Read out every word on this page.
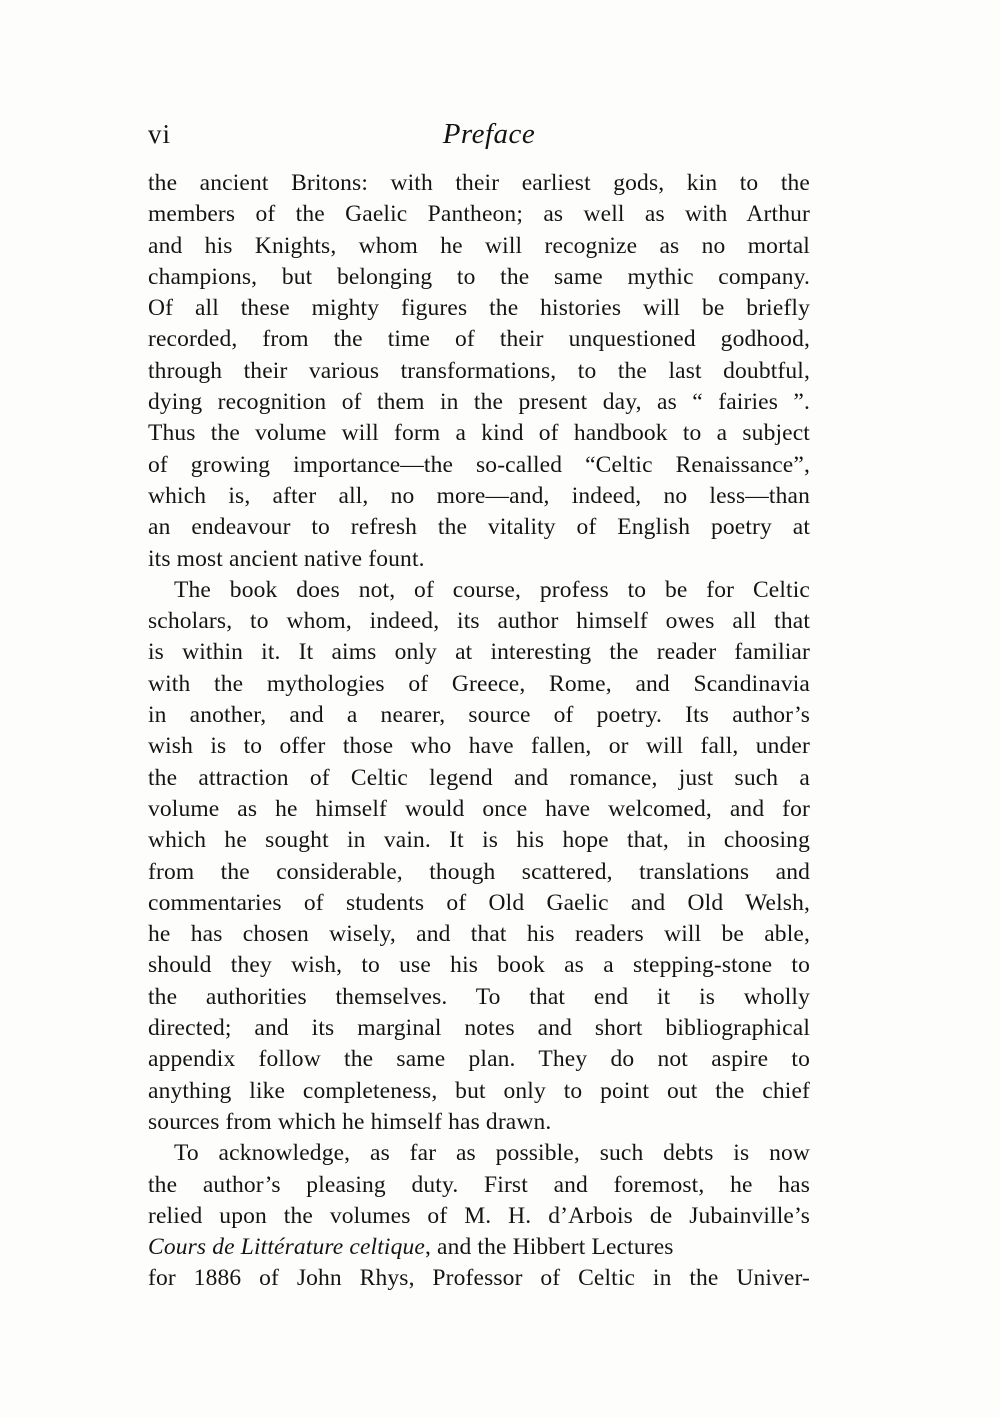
vi	Preface
the ancient Britons: with their earliest gods, kin to the
members of the Gaelic Pantheon; as well as with Arthur
and his Knights, whom he will recognize as no mortal
champions, but belonging to the same mythic company.
Of all these mighty figures the histories will be briefly
recorded, from the time of their unquestioned godhood,
through their various transformations, to the last doubtful,
dying recognition of them in the present day, as “ fairies ”.
Thus the volume will form a kind of handbook to a subject
of growing importance—the so-called “Celtic Renaissance”,
which is, after all, no more—and, indeed, no less—than
an endeavour to refresh the vitality of English poetry at
its most ancient native fount.
The book does not, of course, profess to be for Celtic
scholars, to whom, indeed, its author himself owes all that
is within it. It aims only at interesting the reader familiar
with the mythologies of Greece, Rome, and Scandinavia
in another, and a nearer, source of poetry. Its author’s
wish is to offer those who have fallen, or will fall, under
the attraction of Celtic legend and romance, just such a
volume as he himself would once have welcomed, and for
which he sought in vain. It is his hope that, in choosing
from the considerable, though scattered, translations and
commentaries of students of Old Gaelic and Old Welsh,
he has chosen wisely, and that his readers will be able,
should they wish, to use his book as a stepping-stone to
the authorities themselves. To that end it is wholly
directed; and its marginal notes and short bibliographical
appendix follow the same plan. They do not aspire to
anything like completeness, but only to point out the chief
sources from which he himself has drawn.
To acknowledge, as far as possible, such debts is now
the author’s pleasing duty. First and foremost, he has
relied upon the volumes of M. H. d’Arbois de Jubainville’s
Cours de Littérature celtique, and the Hibbert Lectures
for 1886 of John Rhys, Professor of Celtic in the Univer-
